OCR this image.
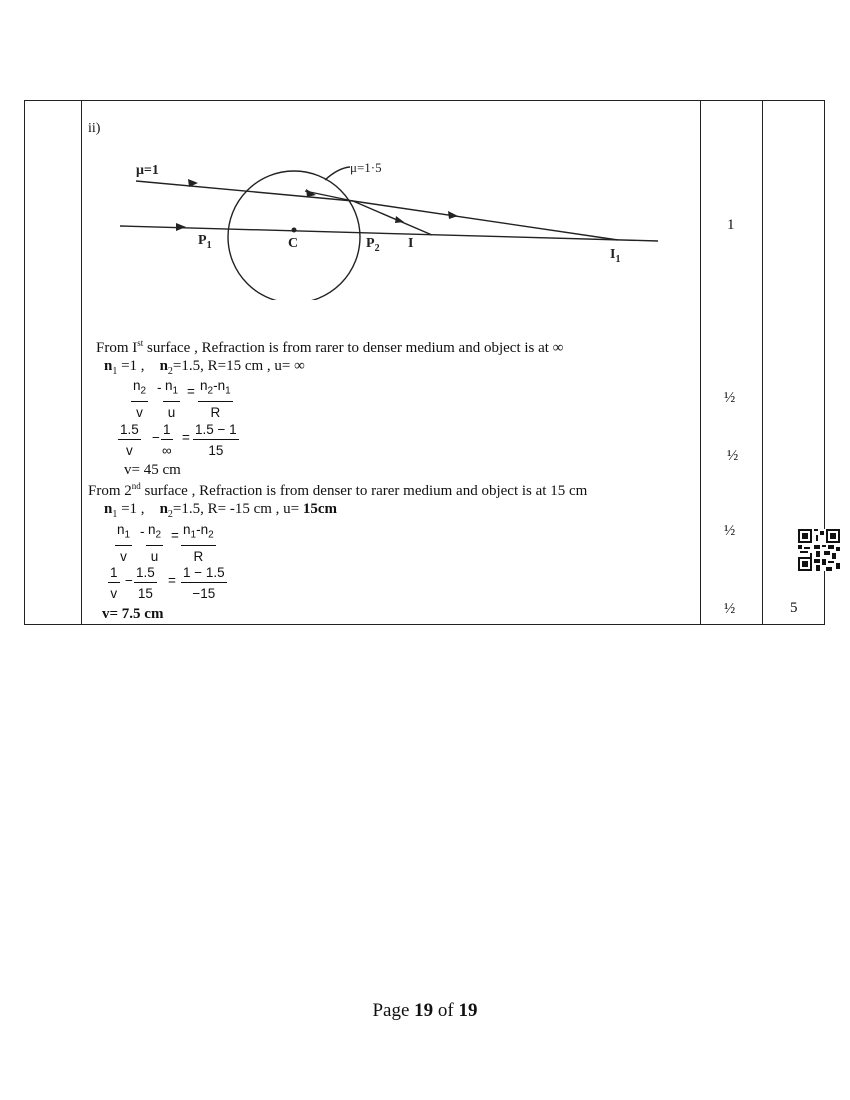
ii)
μ=1	μ=1·5
$P_1$	C	$P_2$ I
$I_1$
1
From Ist surface , Refraction is from rarer to denser medium and object is at ∞
$n_1 =1$ , $n_2=1.5$, R=15 cm , u= ∞
$\frac{n_2}{v} - \frac{n_1}{u} = \frac{n_2-n_1}{R}$
$\frac{1.5}{v}$ −
1
∞
= $\frac{1.5 - 1}{15}$
v= 45 cm
From 2nd surface , Refraction is from denser to rarer medium and object is at 15 cm
$n_1 =1$ , $n_2=1.5$, R= -15 cm , u= 15cm
$\frac{n_1}{v} - \frac{n_2}{u} = \frac{n_1-n_2}{R}$
$\frac{1}{v} - \frac{1.5}{15} = \frac{1 - 1.5}{-15}$
v= 7.5 cm
½
½
½
½	5
Page 19 of 19
